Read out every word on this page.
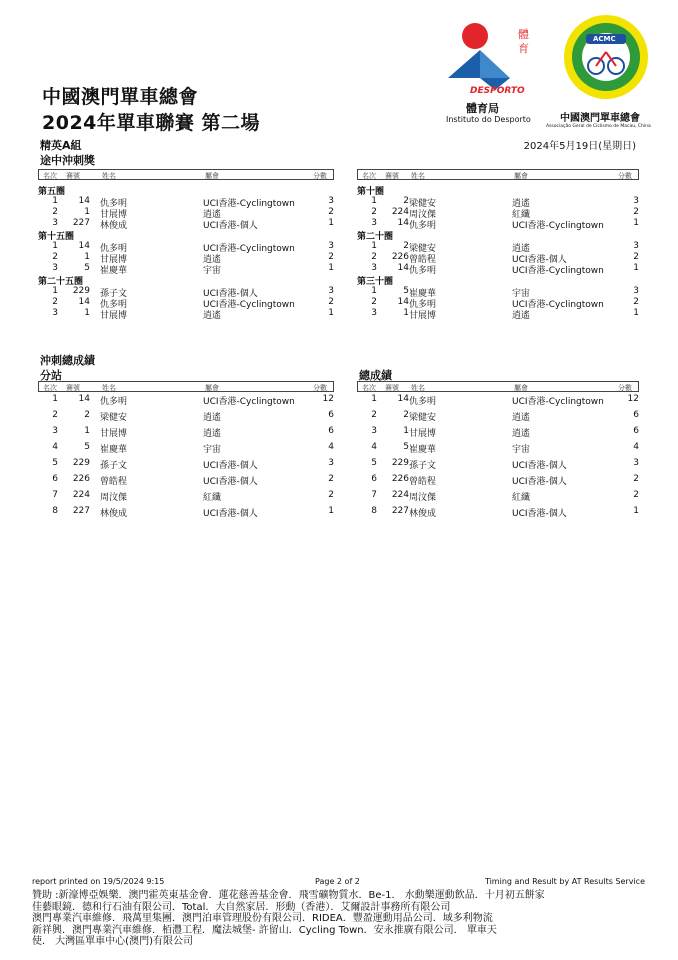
體育
DESPORTO
體育局
Instituto do Desporto
ACMC
中國澳門單車總會
Associação Geral de Ciclismo de Macau, China
中國澳門單車總會
2024年單車聯賽 第二場
精英A組	2024年5月19日(星期日)
途中沖刺獎
名次 賽號	姓名	屬會	分數
第五圈
1	14 仇多明	UCI香港-Cyclingtown	3
2	1 甘展博	逍遙	2
3	227 林俊成	UCI香港-個人	1
第十五圈
1	14 仇多明	UCI香港-Cyclingtown	3
2	1 甘展博	逍遙	2
3	5 崔慶華	宇宙	1
第二十五圈
1	229 孫子文	UCI香港-個人	3
2	14 仇多明	UCI香港-Cyclingtown	2
3	1 甘展博	逍遙	1
名次 賽號 姓名	屬會	分數
第十圈
1	2 梁健安	逍遙	3
2	224 周汶傑	紅纖	2
3	14 仇多明	UCI香港-Cyclingtown	1
第二十圈
1	2 梁健安	逍遙	3
2	226 曾皓程	UCI香港-個人	2
3	14 仇多明	UCI香港-Cyclingtown	1
第三十圈
1	5 崔慶華	宇宙	3
2	14 仇多明	UCI香港-Cyclingtown	2
3	1 甘展博	逍遙	1
沖刺總成績
分站	總成績
名次 賽號	姓名	屬會	分數
1	14 仇多明	UCI香港-Cyclingtown	12
2	2 梁健安	逍遙	6
3	1 甘展博	逍遙	6
4	5 崔慶華	宇宙	4
5	229 孫子文	UCI香港-個人	3
6	226 曾皓程	UCI香港-個人	2
7	224 周汶傑	紅纖	2
8	227 林俊成	UCI香港-個人	1
名次 賽號 姓名	屬會	分數
1	14 仇多明	UCI香港-Cyclingtown	12
2	2 梁健安	逍遙	6
3	1 甘展博	逍遙	6
4	5 崔慶華	宇宙	4
5	229 孫子文	UCI香港-個人	3
6	226 曾皓程	UCI香港-個人	2
7	224 周汶傑	紅纖	2
8	227 林俊成	UCI香港-個人	1
report printed on 19/5/2024 9:15	Page 2 of 2	Timing and Result by AT Results Service
贊助 :新濠博亞娛樂．澳門霍英東基金會．蓮花慈善基金會．飛雪礦物質水．Be-1． 水動樂運動飲品．十月初五餅家
佳藝眼鏡．德和行石油有限公司．Total．大自然家居．形動（香港）．艾爾設計事務所有限公司
澳門專業汽車維修．飛萬里集團．澳門泊車管理股份有限公司．RIDEA．豐盈運動用品公司．域多利物流
新祥興．澳門專業汽車維修．栢灃工程．魔法城堡- 許留山．Cycling Town．安永推廣有限公司． 單車天
使． 大灣區單車中心(澳門)有限公司
